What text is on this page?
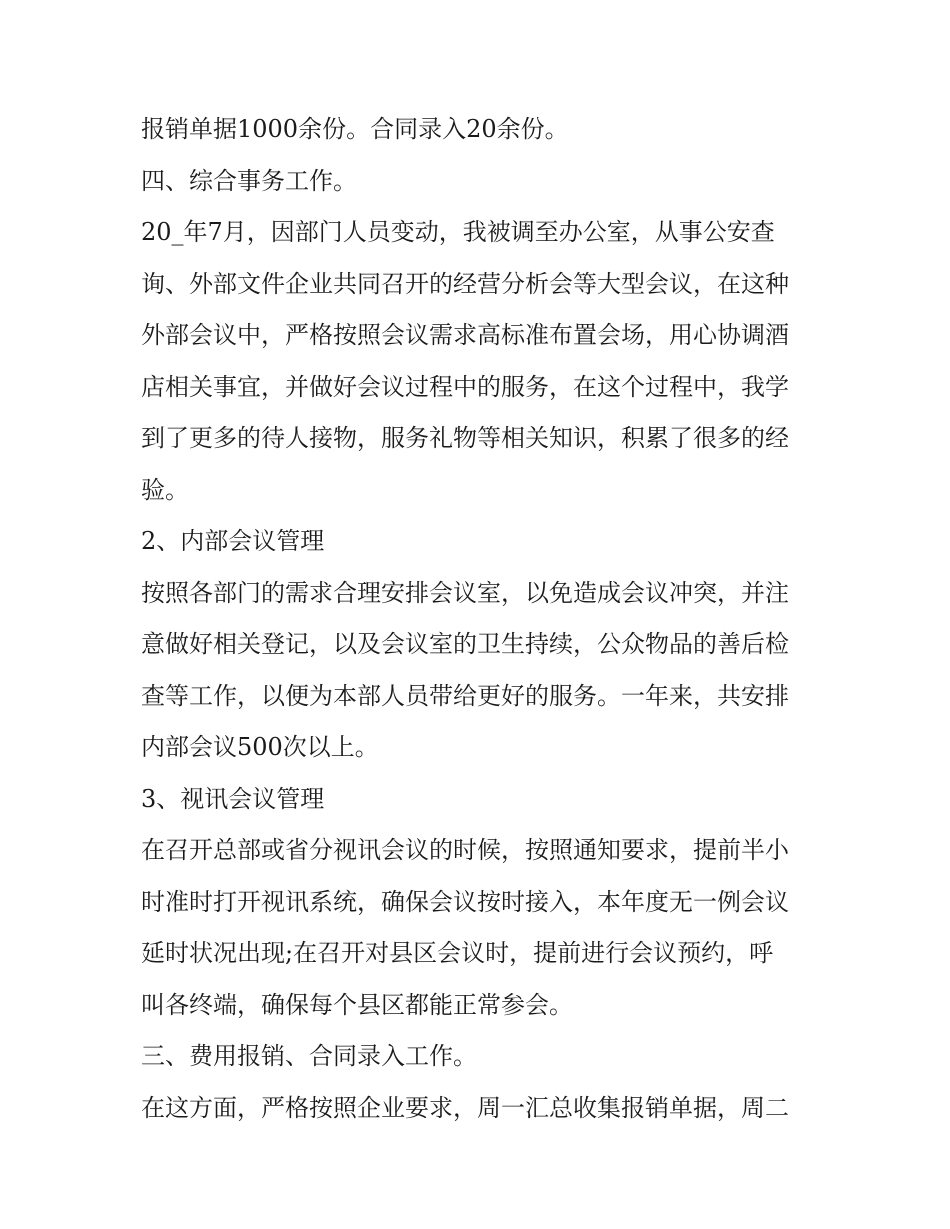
报销单据1000余份。合同录入20余份。
四、综合事务工作。
20_年7月，因部门人员变动，我被调至办公室，从事公安查
询、外部文件企业共同召开的经营分析会等大型会议，在这种
外部会议中，严格按照会议需求高标准布置会场，用心协调酒
店相关事宜，并做好会议过程中的服务，在这个过程中，我学
到了更多的待人接物，服务礼物等相关知识，积累了很多的经
验。
2、内部会议管理
按照各部门的需求合理安排会议室，以免造成会议冲突，并注
意做好相关登记，以及会议室的卫生持续，公众物品的善后检
查等工作，以便为本部人员带给更好的服务。一年来，共安排
内部会议500次以上。
3、视讯会议管理
在召开总部或省分视讯会议的时候，按照通知要求，提前半小
时准时打开视讯系统，确保会议按时接入，本年度无一例会议
延时状况出现;在召开对县区会议时，提前进行会议预约，呼
叫各终端，确保每个县区都能正常参会。
三、费用报销、合同录入工作。
在这方面，严格按照企业要求，周一汇总收集报销单据，周二
